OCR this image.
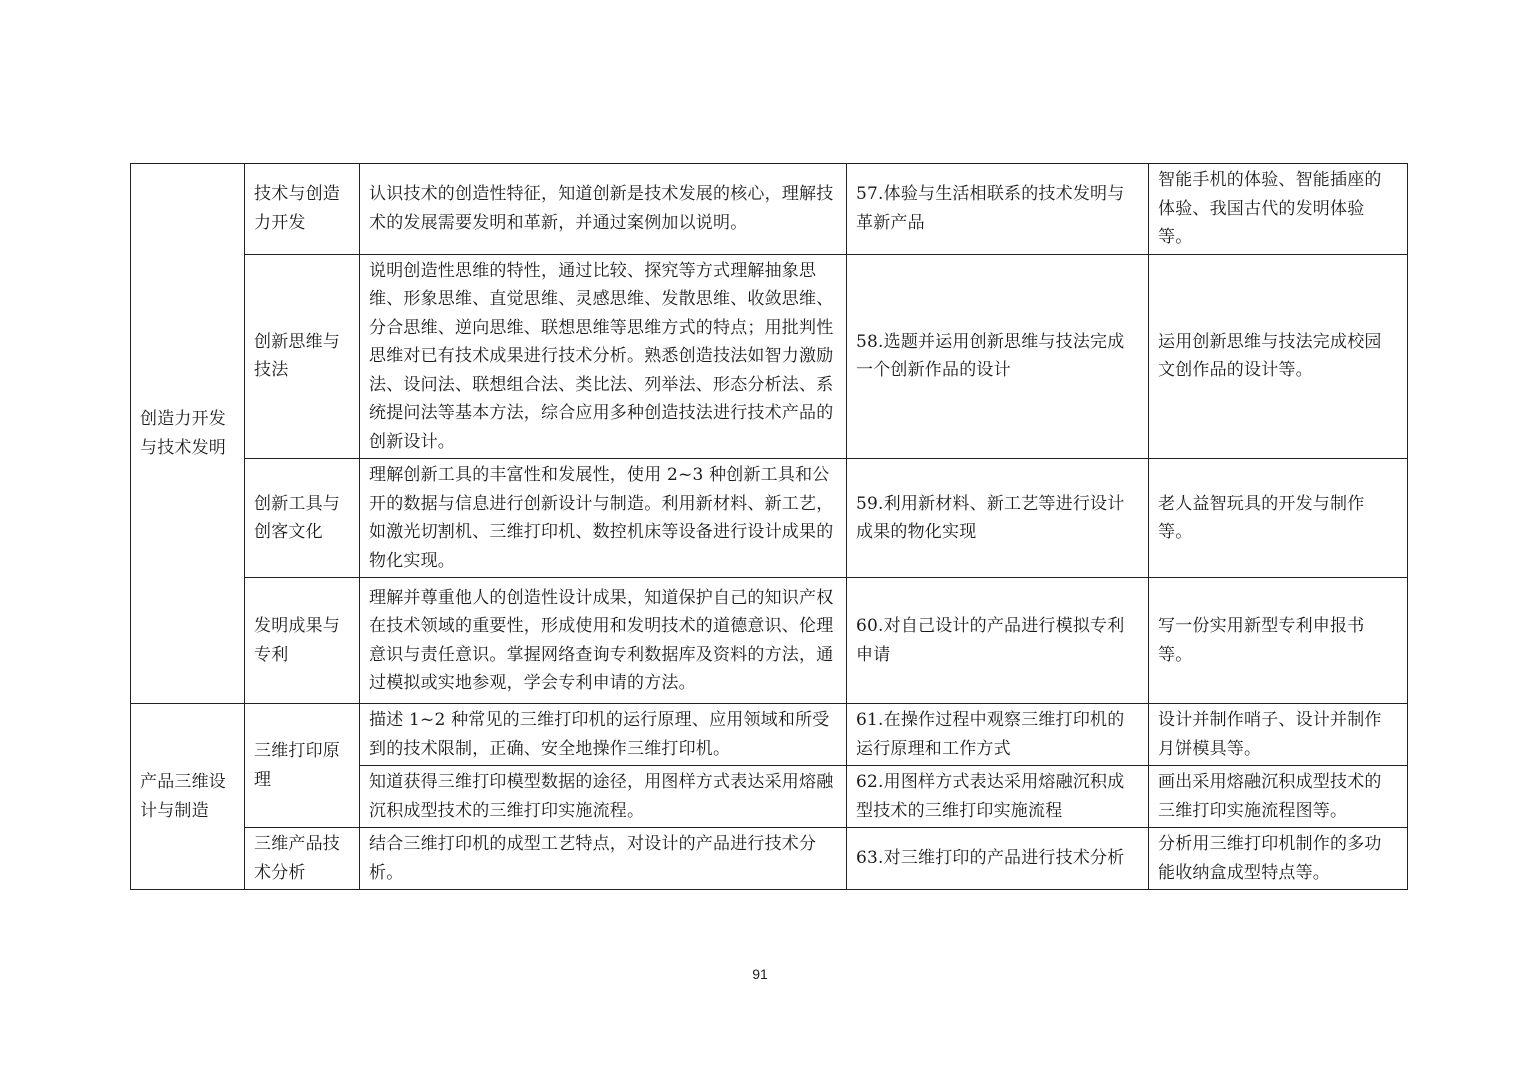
创造力开发与技术发明	技术与创造力开发	认识技术的创造性特征，知道创新是技术发展的核心，理解技术的发展需要发明和革新，并通过案例加以说明。	57.体验与生活相联系的技术发明与革新产品	智能手机的体验、智能插座的体验、我国古代的发明体验等。
	创新思维与技法	说明创造性思维的特性，通过比较、探究等方式理解抽象思维、形象思维、直觉思维、灵感思维、发散思维、收敛思维、分合思维、逆向思维、联想思维等思维方式的特点；用批判性思维对已有技术成果进行技术分析。熟悉创造技法如智力激励法、设问法、联想组合法、类比法、列举法、形态分析法、系统提问法等基本方法，综合应用多种创造技法进行技术产品的创新设计。	58.选题并运用创新思维与技法完成一个创新作品的设计	运用创新思维与技法完成校园文创作品的设计等。
	创新工具与创客文化	理解创新工具的丰富性和发展性，使用 2~3 种创新工具和公开的数据与信息进行创新设计与制造。利用新材料、新工艺，如激光切割机、三维打印机、数控机床等设备进行设计成果的物化实现。	59.利用新材料、新工艺等进行设计成果的物化实现	老人益智玩具的开发与制作等。
	发明成果与专利	理解并尊重他人的创造性设计成果，知道保护自己的知识产权在技术领域的重要性，形成使用和发明技术的道德意识、伦理意识与责任意识。掌握网络查询专利数据库及资料的方法，通过模拟或实地参观，学会专利申请的方法。	60.对自己设计的产品进行模拟专利申请	写一份实用新型专利申报书等。
产品三维设计与制造	三维打印原理	描述 1~2 种常见的三维打印机的运行原理、应用领域和所受到的技术限制，正确、安全地操作三维打印机。	61.在操作过程中观察三维打印机的运行原理和工作方式	设计并制作哨子、设计并制作月饼模具等。
		知道获得三维打印模型数据的途径，用图样方式表达采用熔融沉积成型技术的三维打印实施流程。	62.用图样方式表达采用熔融沉积成型技术的三维打印实施流程	画出采用熔融沉积成型技术的三维打印实施流程图等。
	三维产品技术分析	结合三维打印机的成型工艺特点，对设计的产品进行技术分析。	63.对三维打印的产品进行技术分析	分析用三维打印机制作的多功能收纳盒成型特点等。
91
